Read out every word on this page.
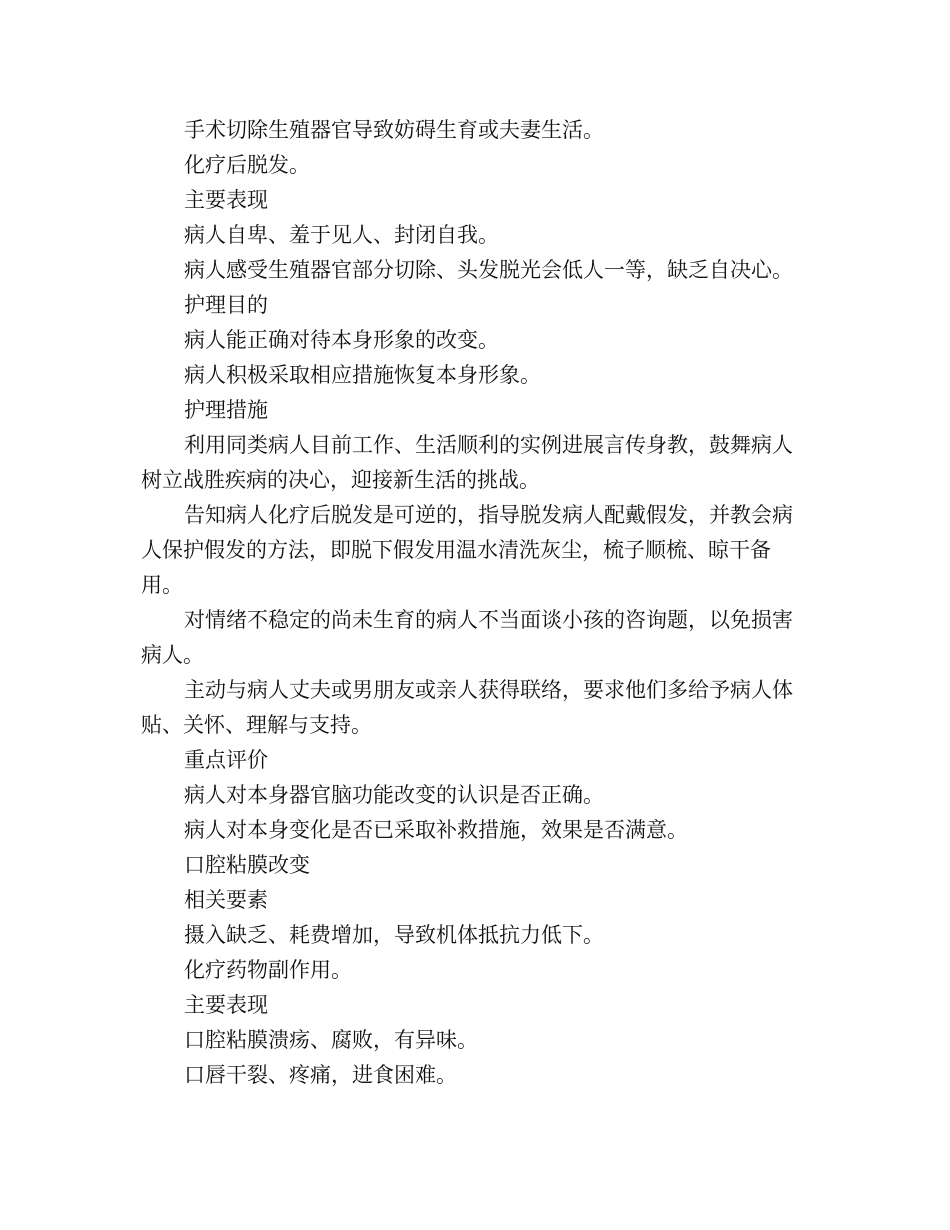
手术切除生殖器官导致妨碍生育或夫妻生活。

化疗后脱发。

主要表现

病人自卑、羞于见人、封闭自我。

病人感受生殖器官部分切除、头发脱光会低人一等，缺乏自决心。

护理目的

病人能正确对待本身形象的改变。

病人积极采取相应措施恢复本身形象。

护理措施

利用同类病人目前工作、生活顺利的实例进展言传身教，鼓舞病人树立战胜疾病的决心，迎接新生活的挑战。

告知病人化疗后脱发是可逆的，指导脱发病人配戴假发，并教会病人保护假发的方法，即脱下假发用温水清洗灰尘，梳子顺梳、晾干备用。

对情绪不稳定的尚未生育的病人不当面谈小孩的咨询题，以免损害病人。

主动与病人丈夫或男朋友或亲人获得联络，要求他们多给予病人体贴、关怀、理解与支持。

重点评价

病人对本身器官脑功能改变的认识是否正确。

病人对本身变化是否已采取补救措施，效果是否满意。

口腔粘膜改变

相关要素

摄入缺乏、耗费增加，导致机体抵抗力低下。

化疗药物副作用。

主要表现

口腔粘膜溃疡、腐败，有异味。

口唇干裂、疼痛，进食困难。
